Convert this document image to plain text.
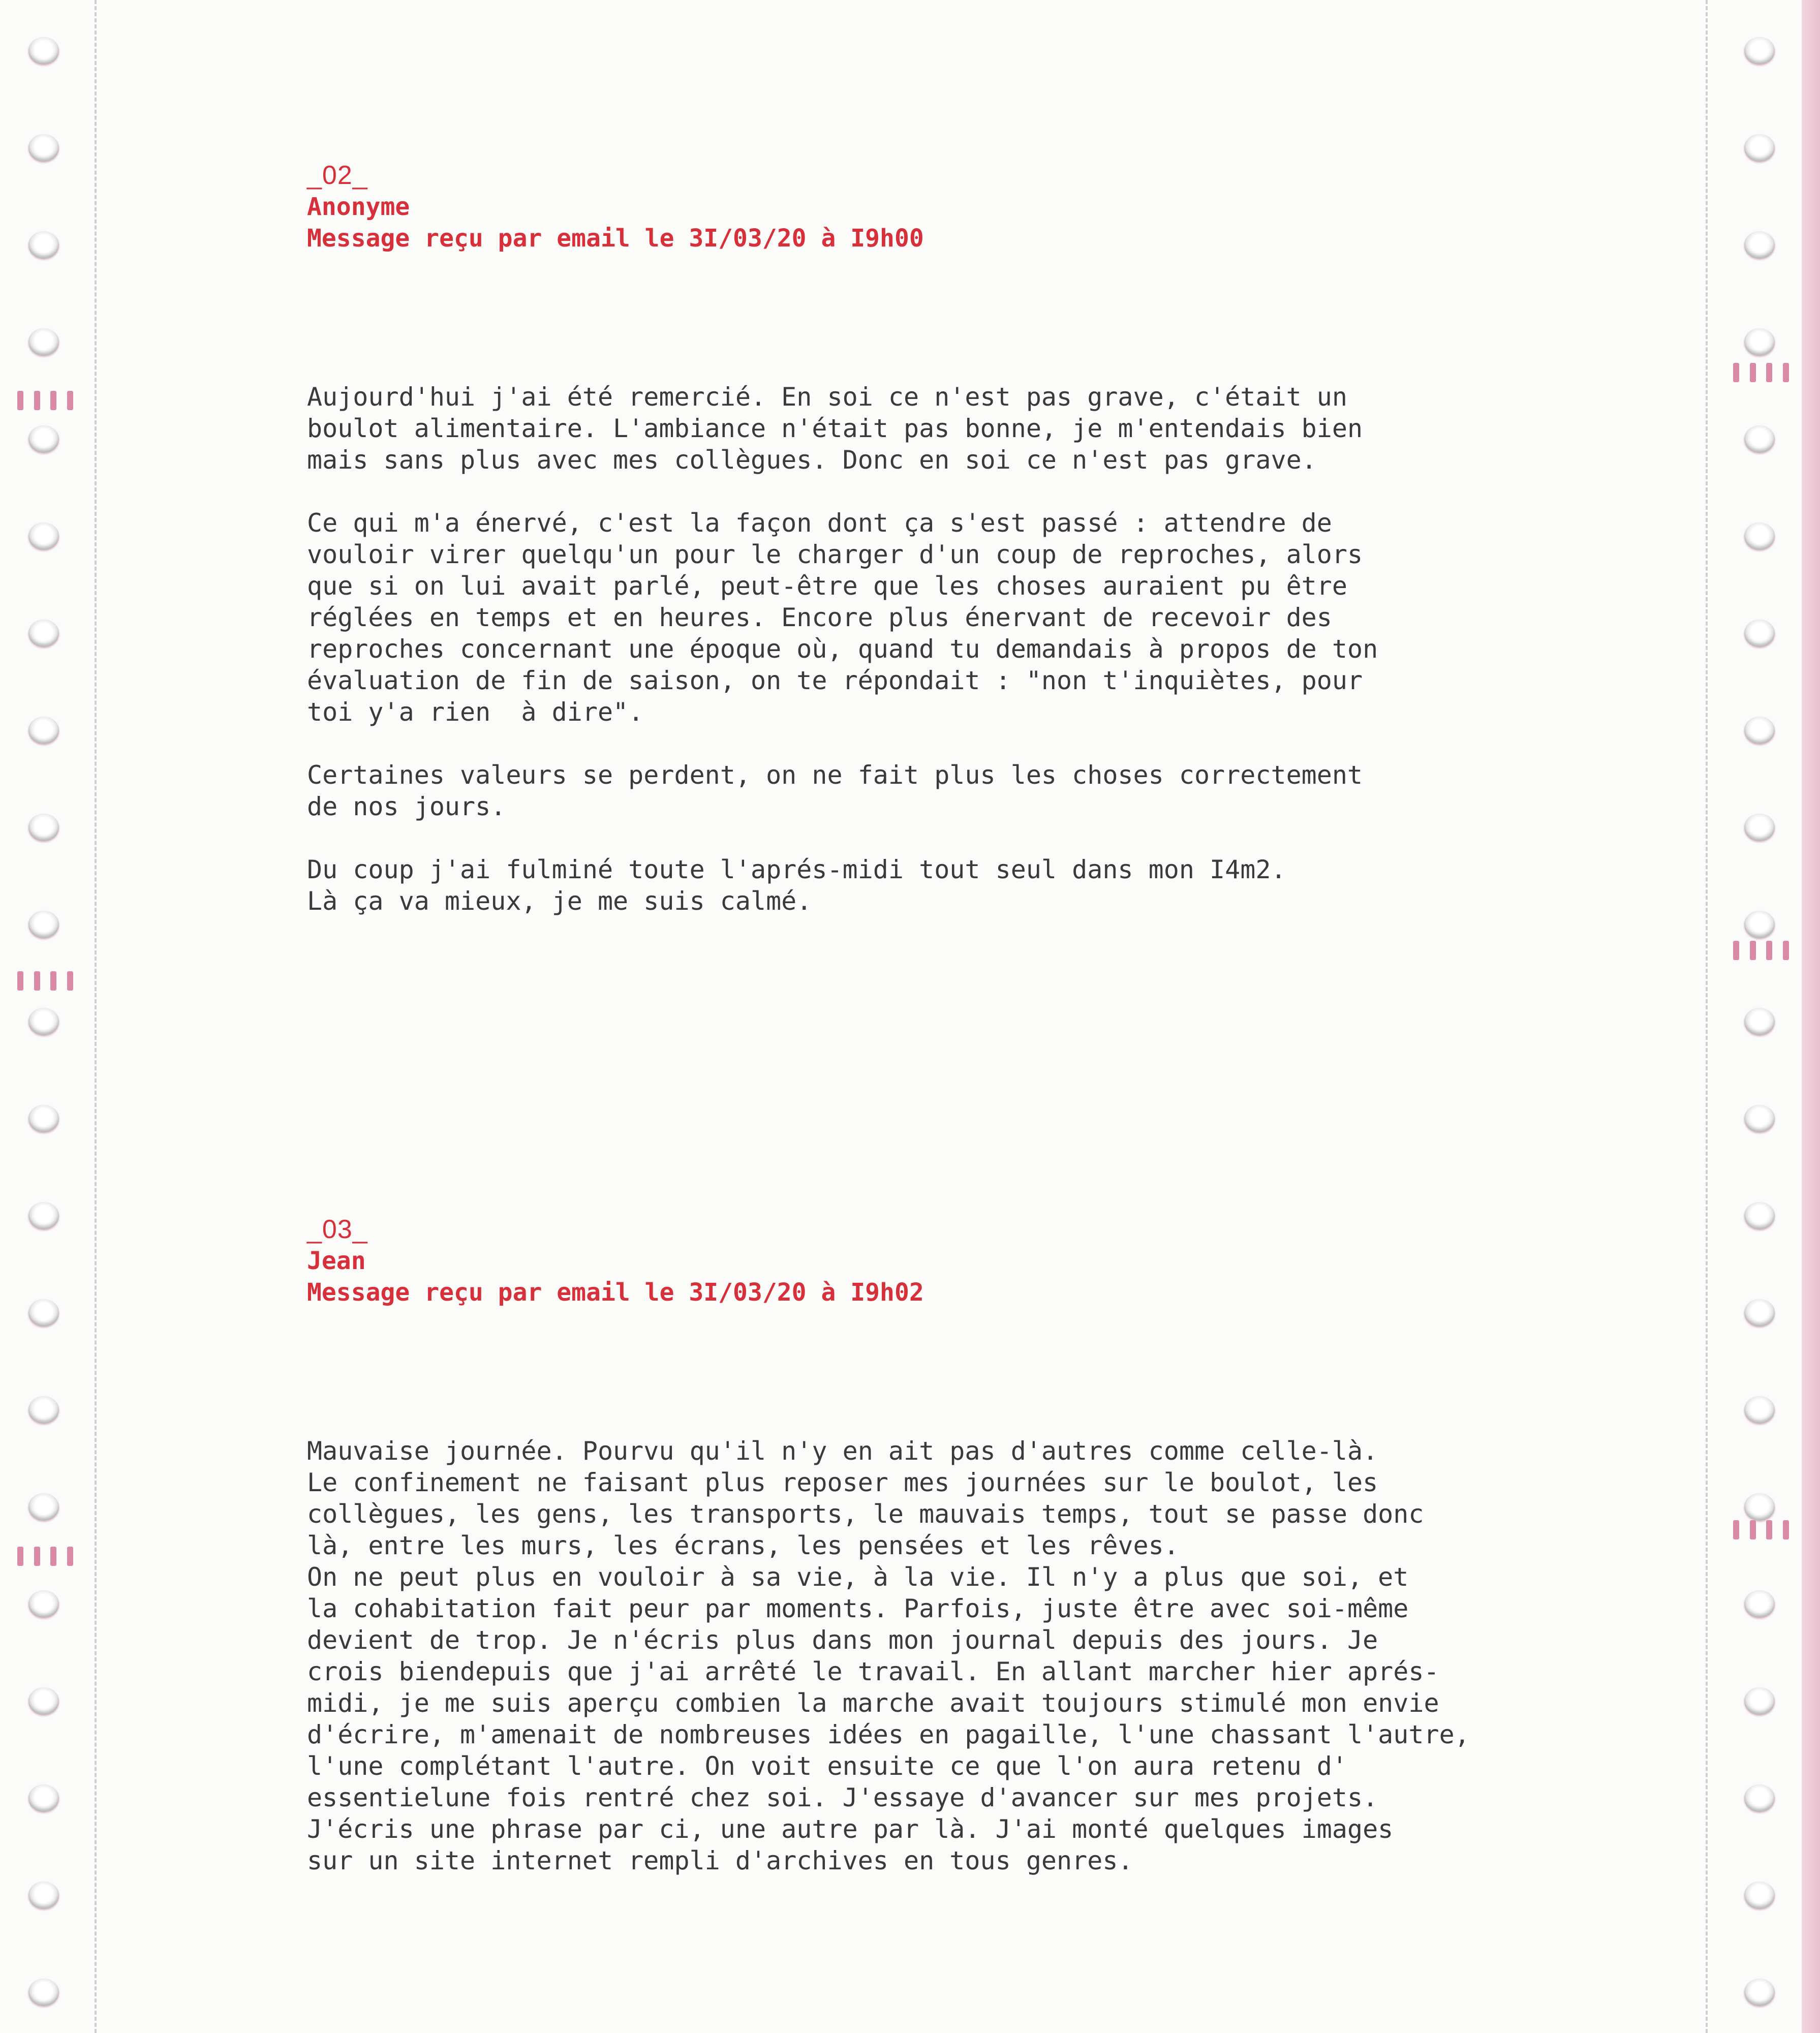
_02_
Anonyme
Message reçu par email le 3I/03/20 à I9h00
Aujourd'hui j'ai été remercié. En soi ce n'est pas grave, c'était un
boulot alimentaire. L'ambiance n'était pas bonne, je m'entendais bien
mais sans plus avec mes collègues. Donc en soi ce n'est pas grave.
Ce qui m'a énervé, c'est la façon dont ça s'est passé : attendre de
vouloir virer quelqu'un pour le charger d'un coup de reproches, alors
que si on lui avait parlé, peut-être que les choses auraient pu être
réglées en temps et en heures. Encore plus énervant de recevoir des
reproches concernant une époque où, quand tu demandais à propos de ton
évaluation de fin de saison, on te répondait : "non t'inquiètes, pour
toi y'a rien  à dire".
Certaines valeurs se perdent, on ne fait plus les choses correctement
de nos jours.
Du coup j'ai fulminé toute l'aprés-midi tout seul dans mon I4m2.
Là ça va mieux, je me suis calmé.
_03_
Jean
Message reçu par email le 3I/03/20 à I9h02
Mauvaise journée. Pourvu qu'il n'y en ait pas d'autres comme celle-là.
Le confinement ne faisant plus reposer mes journées sur le boulot, les
collègues, les gens, les transports, le mauvais temps, tout se passe donc
là, entre les murs, les écrans, les pensées et les rêves.
On ne peut plus en vouloir à sa vie, à la vie. Il n'y a plus que soi, et
la cohabitation fait peur par moments. Parfois, juste être avec soi-même
devient de trop. Je n'écris plus dans mon journal depuis des jours. Je
crois biendepuis que j'ai arrêté le travail. En allant marcher hier aprés-
midi, je me suis aperçu combien la marche avait toujours stimulé mon envie
d'écrire, m'amenait de nombreuses idées en pagaille, l'une chassant l'autre,
l'une complétant l'autre. On voit ensuite ce que l'on aura retenu d'
essentielune fois rentré chez soi. J'essaye d'avancer sur mes projets.
J'écris une phrase par ci, une autre par là. J'ai monté quelques images
sur un site internet rempli d'archives en tous genres.
